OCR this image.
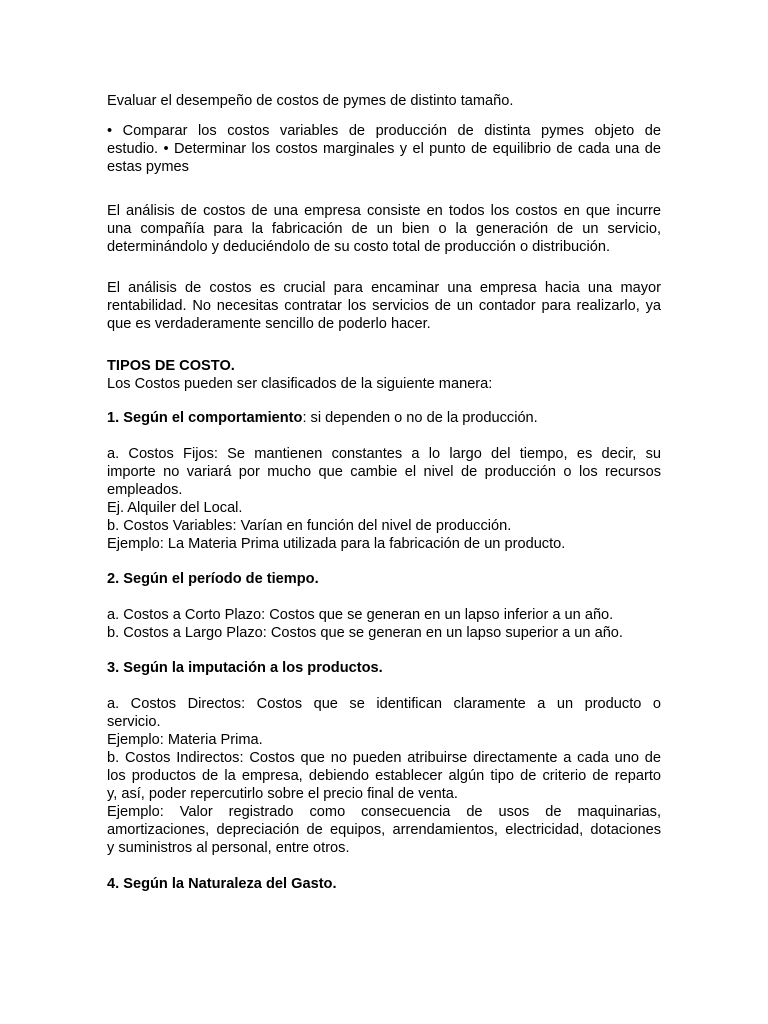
Evaluar el desempeño de costos de pymes de distinto tamaño.

• Comparar los costos variables de producción de distinta pymes objeto de
estudio. • Determinar los costos marginales y el punto de equilibrio de cada una de
estas pymes

El análisis de costos de una empresa consiste en todos los costos en que incurre
una compañía para la fabricación de un bien o la generación de un servicio,
determinándolo y deduciéndolo de su costo total de producción o distribución.

El análisis de costos es crucial para encaminar una empresa hacia una mayor
rentabilidad. No necesitas contratar los servicios de un contador para realizarlo, ya
que es verdaderamente sencillo de poderlo hacer.

TIPOS DE COSTO.
Los Costos pueden ser clasificados de la siguiente manera:

1. Según el comportamiento: si dependen o no de la producción.

a. Costos Fijos: Se mantienen constantes a lo largo del tiempo, es decir, su
importe no variará por mucho que cambie el nivel de producción o los recursos
empleados.
Ej. Alquiler del Local.
b. Costos Variables: Varían en función del nivel de producción.
Ejemplo: La Materia Prima utilizada para la fabricación de un producto.

2. Según el período de tiempo.

a. Costos a Corto Plazo: Costos que se generan en un lapso inferior a un año.
b. Costos a Largo Plazo: Costos que se generan en un lapso superior a un año.

3. Según la imputación a los productos.

a. Costos Directos: Costos que se identifican claramente a un producto o
servicio.
Ejemplo: Materia Prima.
b. Costos Indirectos: Costos que no pueden atribuirse directamente a cada uno de
los productos de la empresa, debiendo establecer algún tipo de criterio de reparto
y, así, poder repercutirlo sobre el precio final de venta.
Ejemplo: Valor registrado como consecuencia de usos de maquinarias,
amortizaciones, depreciación de equipos, arrendamientos, electricidad, dotaciones
y suministros al personal, entre otros.

4. Según la Naturaleza del Gasto.
